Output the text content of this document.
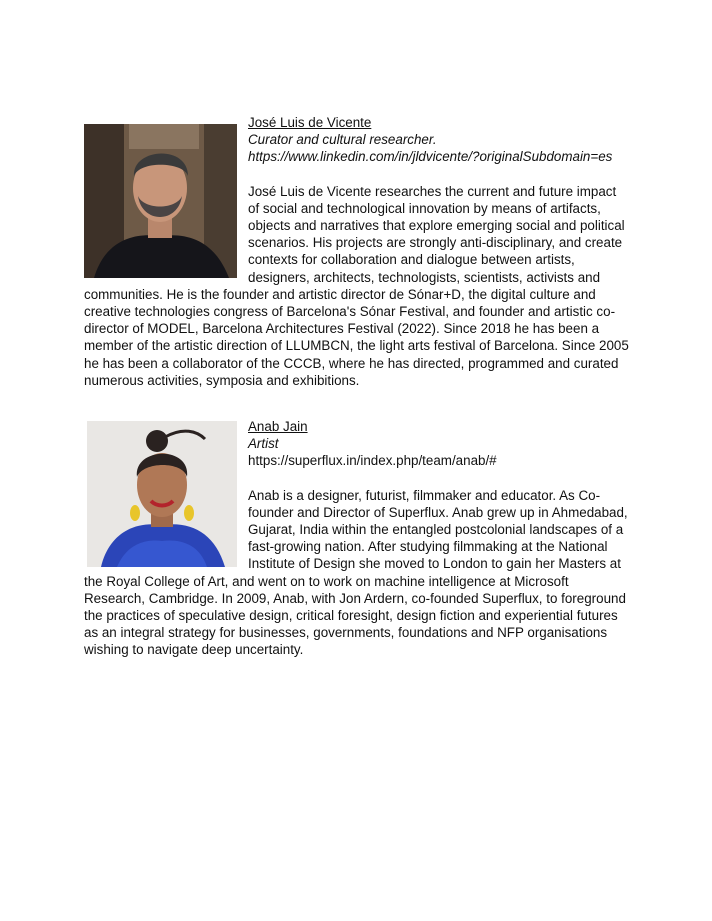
José Luis de Vicente

Curator and cultural researcher.

https://www.linkedin.com/in/jldvicente/?originalSubdomain=es

José Luis de Vicente researches the current and future impact of social and technological innovation by means of artifacts, objects and narratives that explore emerging social and political scenarios. His projects are strongly anti-disciplinary, and create contexts for collaboration and dialogue between artists, designers, architects, technologists, scientists, activists and communities. He is the founder and artistic director de Sónar+D, the digital culture and creative technologies congress of Barcelona's Sónar Festival, and founder and artistic co-director of MODEL, Barcelona Architectures Festival (2022). Since 2018 he has been a member of the artistic direction of LLUMBCN, the light arts festival of Barcelona. Since 2005 he has been a collaborator of the CCCB, where he has directed, programmed and curated numerous activities, symposia and exhibitions.

Anab Jain

Artist

https://superflux.in/index.php/team/anab/#

Anab is a designer, futurist, filmmaker and educator. As Co-founder and Director of Superflux. Anab grew up in Ahmedabad, Gujarat, India within the entangled postcolonial landscapes of a fast-growing nation. After studying filmmaking at the National Institute of Design she moved to London to gain her Masters at the Royal College of Art, and went on to work on machine intelligence at Microsoft Research, Cambridge. In 2009, Anab, with Jon Ardern, co-founded Superflux, to foreground the practices of speculative design, critical foresight, design fiction and experiential futures as an integral strategy for businesses, governments, foundations and NFP organisations wishing to navigate deep uncertainty.
